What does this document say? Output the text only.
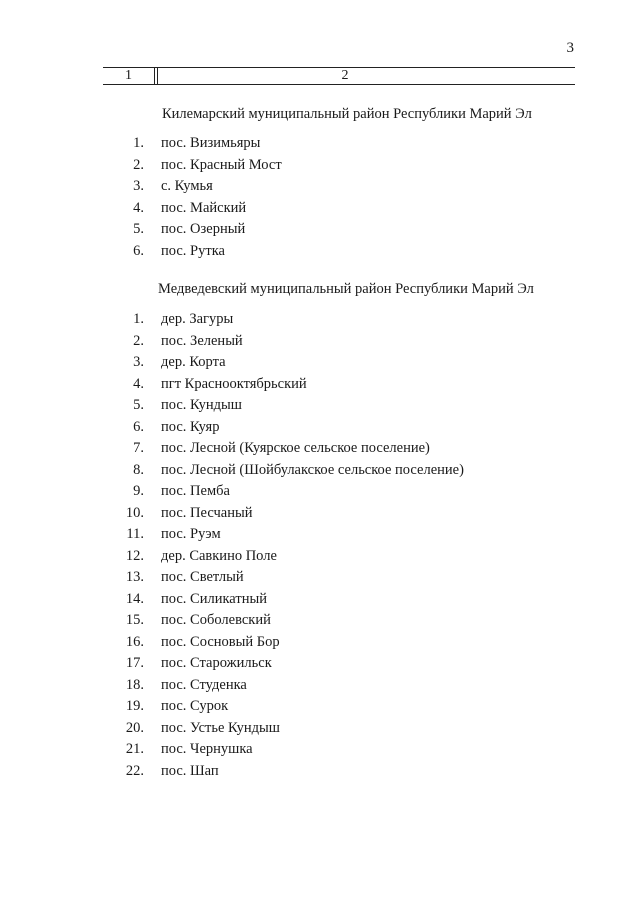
3
1	2
Килемарский муниципальный район Республики Марий Эл
1. пос. Визимьяры
2. пос. Красный Мост
3. с. Кумья
4. пос. Майский
5. пос. Озерный
6. пос. Рутка
Медведевский муниципальный район Республики Марий Эл
1. дер. Загуры
2. пос. Зеленый
3. дер. Корта
4. пгт Краснооктябрьский
5. пос. Кундыш
6. пос. Куяр
7. пос. Лесной (Куярское сельское поселение)
8. пос. Лесной (Шойбулакское сельское поселение)
9. пос. Пемба
10. пос. Песчаный
11. пос. Руэм
12. дер. Савкино Поле
13. пос. Светлый
14. пос. Силикатный
15. пос. Соболевский
16. пос. Сосновый Бор
17. пос. Старожильск
18. пос. Студенка
19. пос. Сурок
20. пос. Устье Кундыш
21. пос. Чернушка
22. пос. Шап
